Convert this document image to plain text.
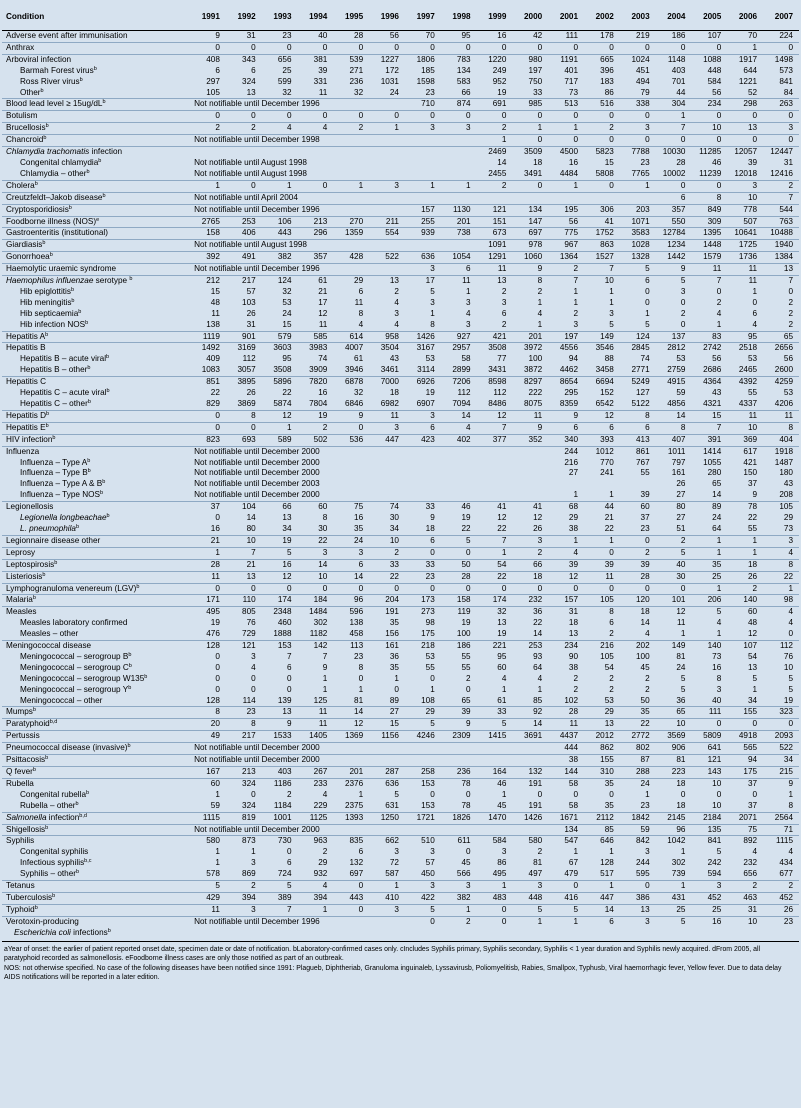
Condition	1991	1992	1993	1994	1995	1996	1997	1998	1999	2000	2001	2002	2003	2004	2005	2006	2007
Adverse event after immunisation	9	31	23	40	28	56	70	95	16	42	111	178	219	186	107	70	224
Anthrax	0	0	0	0	0	0	0	0	0	0	0	0	0	0	0	1	0
Arboviral infection	408	343	656	381	539	1227	1806	783	1220	980	1191	665	1024	1148	1088	1917	1498
Barmah Forest virus$^b$	6	6	25	39	271	172	185	134	249	197	401	396	451	403	448	644	573
Ross River virus$^b$	297	324	599	331	236	1031	1598	583	952	750	717	183	494	701	584	1221	841
Other$^b$	105	13	32	11	32	24	23	66	19	33	73	86	79	44	56	52	84
Blood lead level ≥ $15ug/dL^b$	Not notifiable until December 1996						710	874	691	985	513	516	338	304	234	298	263
Botulism	0	0	0	0	0	0	0	0	0	0	0	0	0	1	0	0	0
Brucellosis$^b$	2	2	4	4	2	1	3	3	2	1	1	2	3	7	10	13	3
Chancroid$^b$	Not notifiable until December 1998								1	0	0	0	0	0	0	0	0
Chlamydia trachomatis infection									2469	3509	4500	5823	7788	10030	11285	12057	12447
Congenital chlamydia$^b$	Not notifiable until August 1998								14	18	16	15	23	28	46	39	31
Chlamydia – other$^b$	Not notifiable until August 1998								2455	3491	4484	5808	7765	10002	11239	12018	12416
Cholera$^b$	1	0	1	0	1	3	1	1	2	0	1	0	1	0	0	3	2
Creutzfeldt–Jakob disease$^b$	Not notifiable until April 2004													6	8	10	7
Cryptosporidiosis$^b$	Not notifiable until December 1996						157	1130	121	134	195	306	203	357	849	778	544
Foodborne illness (NOS)$^e$	2765	253	106	213	270	211	255	201	151	147	56	41	1071	550	309	507	763
Gastroenteritis (institutional)	158	406	443	296	1359	554	939	738	673	697	775	1752	3583	12784	1395	10641	10488
Giardiasis$^b$	Not notifiable until August 1998								1091	978	967	863	1028	1234	1448	1725	1940
Gonorrhoea$^b$	392	491	382	357	428	522	636	1054	1291	1060	1364	1527	1328	1442	1579	1736	1384
Haemolytic uraemic syndrome	Not notifiable until December 1996						3	6	11	9	2	7	5	9	11	11	13
Haemophilus influenzae serotype $^b$	212	217	124	61	29	13	17	11	13	8	7	10	6	5	7	11	7
Hib epiglottitis$^b$	15	57	32	21	6	2	5	1	2	2	1	1	0	3	0	1	0
Hib meningitis$^b$	48	103	53	17	11	4	3	3	3	1	1	1	0	0	2	0	2
Hib septicaemia$^b$	11	26	24	12	8	3	1	4	6	4	2	3	1	2	4	6	2
Hib infection NOS$^b$	138	31	15	11	4	4	8	3	2	1	3	5	5	0	1	4	2
Hepatitis $A^b$	1119	901	579	585	614	958	1426	927	421	201	197	149	124	137	83	95	65
Hepatitis B	1492	3169	3603	3983	4007	3504	3167	2957	3508	3972	4556	3546	2845	2812	2742	2518	2656
Hepatitis B – acute viral$^b$	409	112	95	74	61	43	53	58	77	100	94	88	74	53	56	53	56
Hepatitis B – other$^b$	1083	3057	3508	3909	3946	3461	3114	2899	3431	3872	4462	3458	2771	2759	2686	2465	2600
Hepatitis C	851	3895	5896	7820	6878	7000	6926	7206	8598	8297	8654	6694	5249	4915	4364	4392	4259
Hepatitis C – acute viral$^b$	22	26	22	16	32	18	19	112	112	222	295	152	127	59	43	55	53
Hepatitis C – other$^b$	829	3869	5874	7804	6846	6982	6907	7094	8486	8075	8359	6542	5122	4856	4321	4337	4206
Hepatitis $D^b$	0	8	12	19	9	11	3	14	12	11	9	12	8	14	15	11	11
Hepatitis $E^b$	0	0	1	2	0	3	6	4	7	9	6	6	6	8	7	10	8
HIV infection$^b$	823	693	589	502	536	447	423	402	377	352	340	393	413	407	391	369	404
Influenza	Not notifiable until December 2000										244	1012	861	1011	1414	617	1918
Influenza – Type $A^b$	Not notifiable until December 2000										216	770	767	797	1055	421	1487
Influenza – Type $B^b$	Not notifiable until December 2000										27	241	55	161	280	150	180
Influenza – Type A & $B^b$	Not notifiable until December 2003													26	65	37	43
Influenza – Type NOS$^b$	Not notifiable until December 2000										1	1	39	27	14	9	208
Legionellosis	37	104	66	60	75	74	33	46	41	41	68	44	60	80	89	78	105
Legionella longbeachae$^b$	0	14	13	8	16	30	9	19	12	12	29	21	37	27	24	22	29
L. pneumophila$^b$	16	80	34	30	35	34	18	22	22	26	38	22	23	51	64	55	73
Legionnaire disease other	21	10	19	22	24	10	6	5	7	3	1	1	0	2	1	1	3
Leprosy	1	7	5	3	3	2	0	0	1	2	4	0	2	5	1	1	4
Leptospirosis$^b$	28	21	16	14	6	33	33	50	54	66	39	39	39	40	35	18	8
Listeriosis$^b$	11	13	12	10	14	22	23	28	22	18	12	11	28	30	25	26	22
Lymphogranuloma venereum (LGV)$^b$	0	0	0	0	0	0	0	0	0	0	0	0	0	0	1	2	1
Malaria$^b$	171	110	174	184	96	204	173	158	174	232	157	105	120	101	206	140	98
Measles	495	805	2348	1484	596	191	273	119	32	36	31	8	18	12	5	60	4
Measles laboratory confirmed	19	76	460	302	138	35	98	19	13	22	18	6	14	11	4	48	4
Measles – other	476	729	1888	1182	458	156	175	100	19	14	13	2	4	1	1	12	0
Meningococcal disease	128	121	153	142	113	161	218	186	221	253	234	216	202	149	140	107	112
Meningococcal – serogroup $B^b$	0	3	7	7	23	36	53	55	95	93	90	105	100	81	73	54	76
Meningococcal – serogroup $C^b$	0	4	6	9	8	35	55	55	60	64	38	54	45	24	16	13	10
Meningococcal – serogroup W135$^b$	0	0	0	1	0	1	0	2	4	4	2	2	2	5	8	5	5
Meningococcal – serogroup $Y^b$	0	0	0	1	1	0	1	0	1	1	2	2	2	5	3	1	5
Meningococcal – other	128	114	139	125	81	89	108	65	61	85	102	53	50	36	40	34	19
Mumps$^b$	8	23	13	11	14	27	29	39	33	92	28	29	35	65	111	155	323
Paratyphoid$^{b,d}$	20	8	9	11	12	15	5	9	5	14	11	13	22	10	0	0	0
Pertussis	49	217	1533	1405	1369	1156	4246	2309	1415	3691	4437	2012	2772	3569	5809	4918	2093
Pneumococcal disease (invasive)$^b$	Not notifiable until December 2000										444	862	802	906	641	565	522
Psittacosis$^b$	Not notifiable until December 2000										38	155	87	81	121	94	34
Q fever$^b$	167	213	403	267	201	287	258	236	164	132	144	310	288	223	143	175	215
Rubella	60	324	1186	233	2376	636	153	78	46	191	58	35	24	18	10	37	9
Congenital rubella$^b$	1	0	2	4	1	5	0	0	1	0	0	0	1	0	0	0	1
Rubella – other$^b$	59	324	1184	229	2375	631	153	78	45	191	58	35	23	18	10	37	8
Salmonella infection$^{b,d}$	1115	819	1001	1125	1393	1250	1721	1826	1470	1426	1671	2112	1842	2145	2184	2071	2564
Shigellosis$^b$	Not notifiable until December 2000										134	85	59	96	135	75	71
Syphilis	580	873	730	963	835	662	510	611	584	580	547	646	842	1042	841	892	1115
Congenital syphilis	1	1	0	2	6	3	3	0	3	2	1	1	3	1	5	4	4
Infectious syphilis$^{b,c}$	1	3	6	29	132	72	57	45	86	81	67	128	244	302	242	232	434
Syphilis – other$^b$	578	869	724	932	697	587	450	566	495	497	479	517	595	739	594	656	677
Tetanus	5	2	5	4	0	1	3	3	1	3	0	1	0	1	3	2	2
Tuberculosis$^b$	429	394	389	394	443	410	422	382	483	448	416	447	386	431	452	463	452
Typhoid$^b$	11	3	7	1	0	3	5	1	0	5	5	14	13	25	25	31	26
Verotoxin-producing	Not notifiable until December 1996						0	2	0	1	1	6	3	5	16	10	23
Escherichia coli infections$^b$																	
aYear of onset: the earlier of patient reported onset date, specimen date or date of notification. bLaboratory-confirmed cases only. cIncludes Syphilis primary, Syphilis secondary, Syphilis < 1 year duration and Syphilis newly acquired. dFrom 2005, all paratyphoid recorded as salmonellosis. eFoodborne illness cases are only those notified as part of an outbreak.
NOS: not otherwise specified. No case of the following diseases have been notified since 1991: Plagueb, Diphtheriab, Granuloma inguinaleb, Lyssavirusb, Poliomyelitisb, Rabies, Smallpox, Typhusb, Viral haemorrhagic fever, Yellow fever. Due to data delay AIDS notifications will be reported in a later edition.
